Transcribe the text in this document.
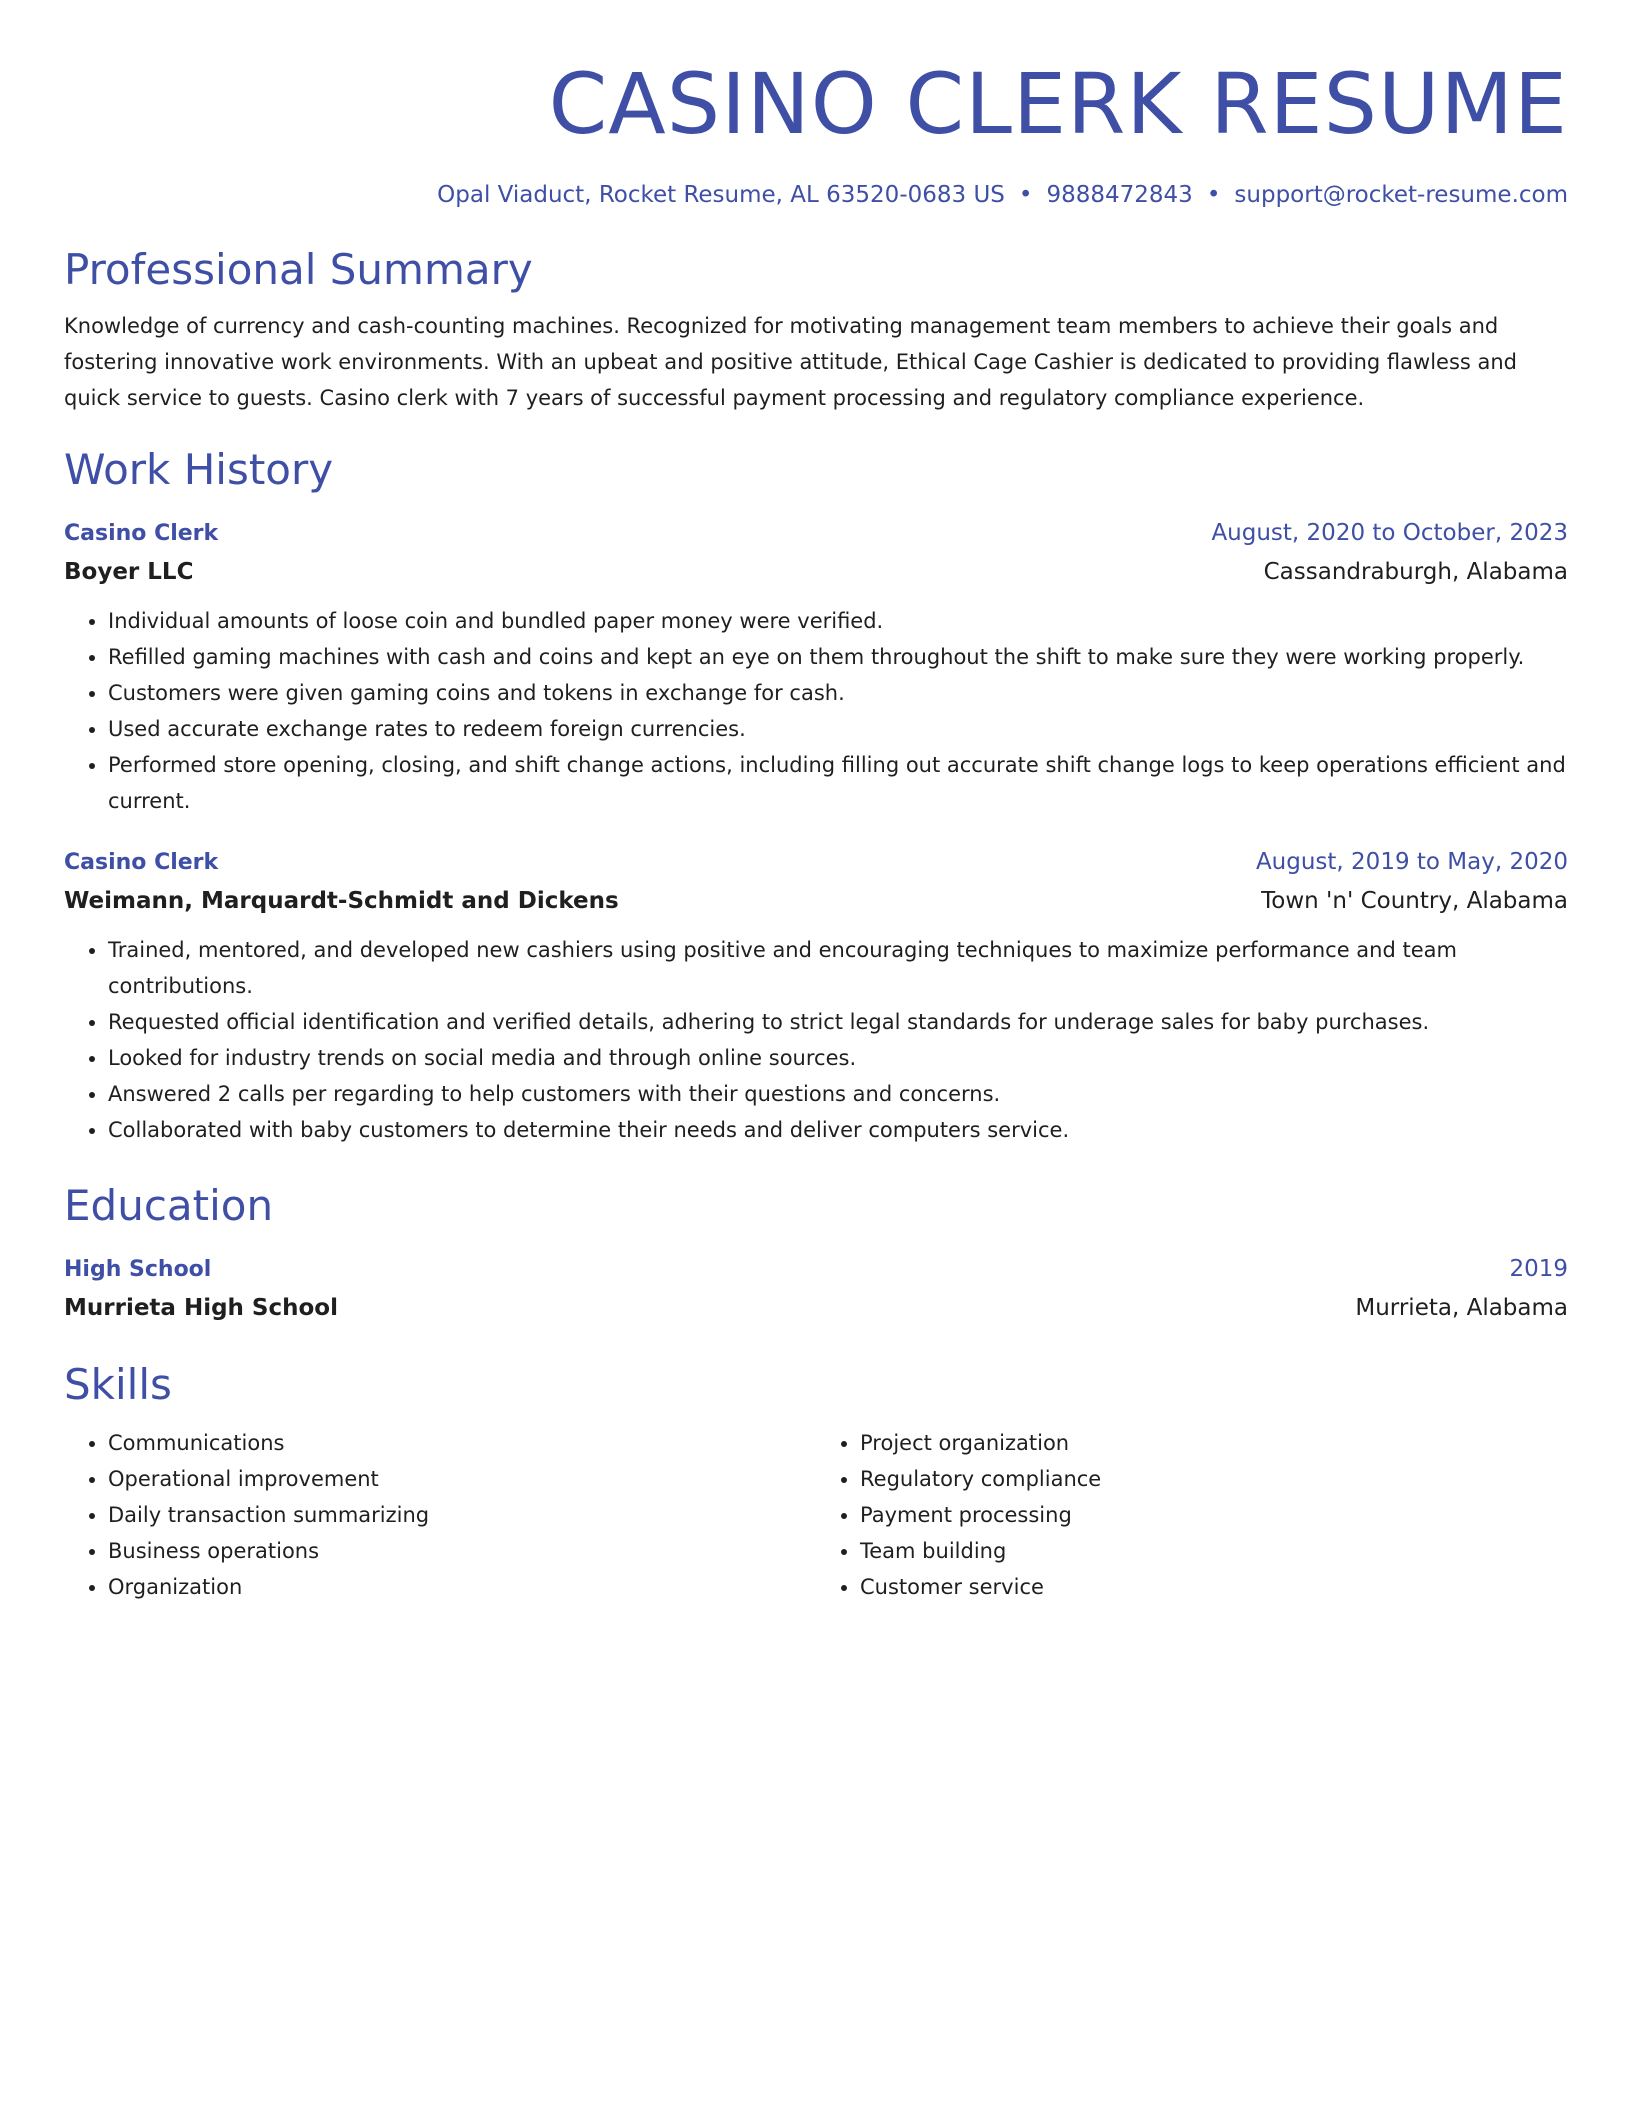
CASINO CLERK RESUME
Opal Viaduct, Rocket Resume, AL 63520-0683 US • 9888472843 • support@rocket-resume.com
Professional Summary
Knowledge of currency and cash-counting machines. Recognized for motivating management team members to achieve their goals and fostering innovative work environments. With an upbeat and positive attitude, Ethical Cage Cashier is dedicated to providing flawless and quick service to guests. Casino clerk with 7 years of successful payment processing and regulatory compliance experience.
Work History
Casino Clerk	August, 2020 to October, 2023
Boyer LLC	Cassandraburgh, Alabama
• Individual amounts of loose coin and bundled paper money were verified.
• Refilled gaming machines with cash and coins and kept an eye on them throughout the shift to make sure they were working properly.
• Customers were given gaming coins and tokens in exchange for cash.
• Used accurate exchange rates to redeem foreign currencies.
• Performed store opening, closing, and shift change actions, including filling out accurate shift change logs to keep operations efficient and current.
Casino Clerk	August, 2019 to May, 2020
Weimann, Marquardt-Schmidt and Dickens	Town 'n' Country, Alabama
• Trained, mentored, and developed new cashiers using positive and encouraging techniques to maximize performance and team contributions.
• Requested official identification and verified details, adhering to strict legal standards for underage sales for baby purchases.
• Looked for industry trends on social media and through online sources.
• Answered 2 calls per regarding to help customers with their questions and concerns.
• Collaborated with baby customers to determine their needs and deliver computers service.
Education
High School	2019
Murrieta High School	Murrieta, Alabama
Skills
• Communications
• Operational improvement
• Daily transaction summarizing
• Business operations
• Organization
• Project organization
• Regulatory compliance
• Payment processing
• Team building
• Customer service
